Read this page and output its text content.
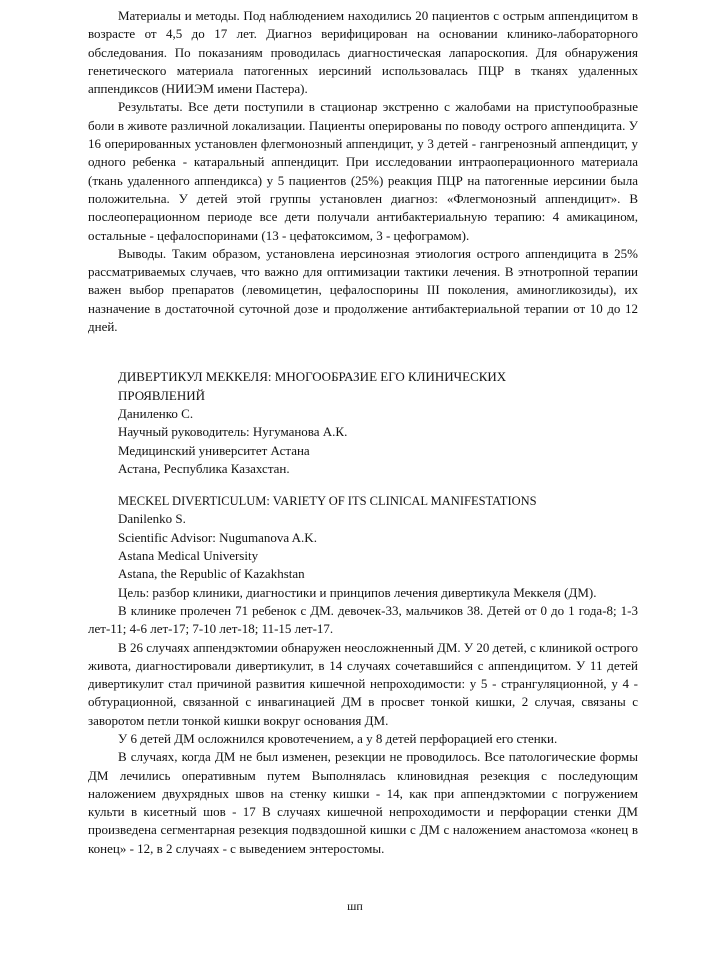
Материалы и методы. Под наблюдением находились 20 пациентов с острым аппендицитом в возрасте от 4,5 до 17 лет. Диагноз верифицирован на основании клинико-лабораторного обследования. По показаниям проводилась диагностическая лапароскопия. Для обнаружения генетического материала патогенных иерсиний использовалась ПЦР в тканях удаленных аппендиксов (НИИЭМ имени Пастера).

Результаты. Все дети поступили в стационар экстренно с жалобами на приступообразные боли в животе различной локализации. Пациенты оперированы по поводу острого аппендицита. У 16 оперированных установлен флегмонозный аппендицит, у 3 детей - гангренозный аппендицит, у одного ребенка - катаральный аппендицит. При исследовании интраоперационного материала (ткань удаленного аппендикса) у 5 пациентов (25%) реакция ПЦР на патогенные иерсинии была положительна. У детей этой группы установлен диагноз: «Флегмонозный аппендицит». В послеоперационном периоде все дети получали антибактериальную терапию: 4 амикацином, остальные - цефалоспоринами (13 - цефатоксимом, 3 - цефограмом).

Выводы. Таким образом, установлена иерсинозная этиология острого аппендицита в 25% рассматриваемых случаев, что важно для оптимизации тактики лечения. В этнотропной терапии важен выбор препаратов (левомицетин, цефалоспорины III поколения, аминогликозиды), их назначение в достаточной суточной дозе и продолжение антибактериальной терапии от 10 до 12 дней.

ДИВЕРТИКУЛ МЕККЕЛЯ: МНОГООБРАЗИЕ ЕГО КЛИНИЧЕСКИХ

ПРОЯВЛЕНИЙ

Даниленко С.

Научный руководитель: Нугуманова А.К.

Медицинский университет Астана

Астана, Республика Казахстан.

MECKEL DIVERTICULUM: VARIETY OF ITS CLINICAL MANIFESTATIONS

Danilenko S.

Scientific Advisor: Nugumanova A.K.

Astana Medical University

Astana, the Republic of Kazakhstan

Цель: разбор клиники, диагностики и принципов лечения дивертикула Меккеля (ДМ).

В клинике пролечен 71 ребенок с ДМ. девочек-33, мальчиков 38. Детей от 0 до 1 года-8; 1-3 лет-11; 4-6 лет-17; 7-10 лет-18; 11-15 лет-17.

В 26 случаях аппендэктомии обнаружен неосложненный ДМ. У 20 детей, с клиникой острого живота, диагностировали дивертикулит, в 14 случаях сочетавшийся с аппендицитом. У 11 детей дивертикулит стал причиной развития кишечной непроходимости: у 5 - странгуляционной, у 4 - обтурационной, связанной с инвагинацией ДМ в просвет тонкой кишки, 2 случая, связаны с заворотом петли тонкой кишки вокруг основания ДМ.

У 6 детей ДМ осложнился кровотечением, а у 8 детей перфорацией его стенки.

В случаях, когда ДМ не был изменен, резекции не проводилось. Все патологические формы ДМ лечились оперативным путем Выполнялась клиновидная резекция с последующим наложением двухрядных швов на стенку кишки - 14, как при аппендэктомии с погружением культи в кисетный шов - 17 В случаях кишечной непроходимости и перфорации стенки ДМ произведена сегментарная резекция подвздошной кишки с ДМ с наложением анастомоза «конец в конец» - 12, в 2 случаях - с выведением энтеростомы.

шп
